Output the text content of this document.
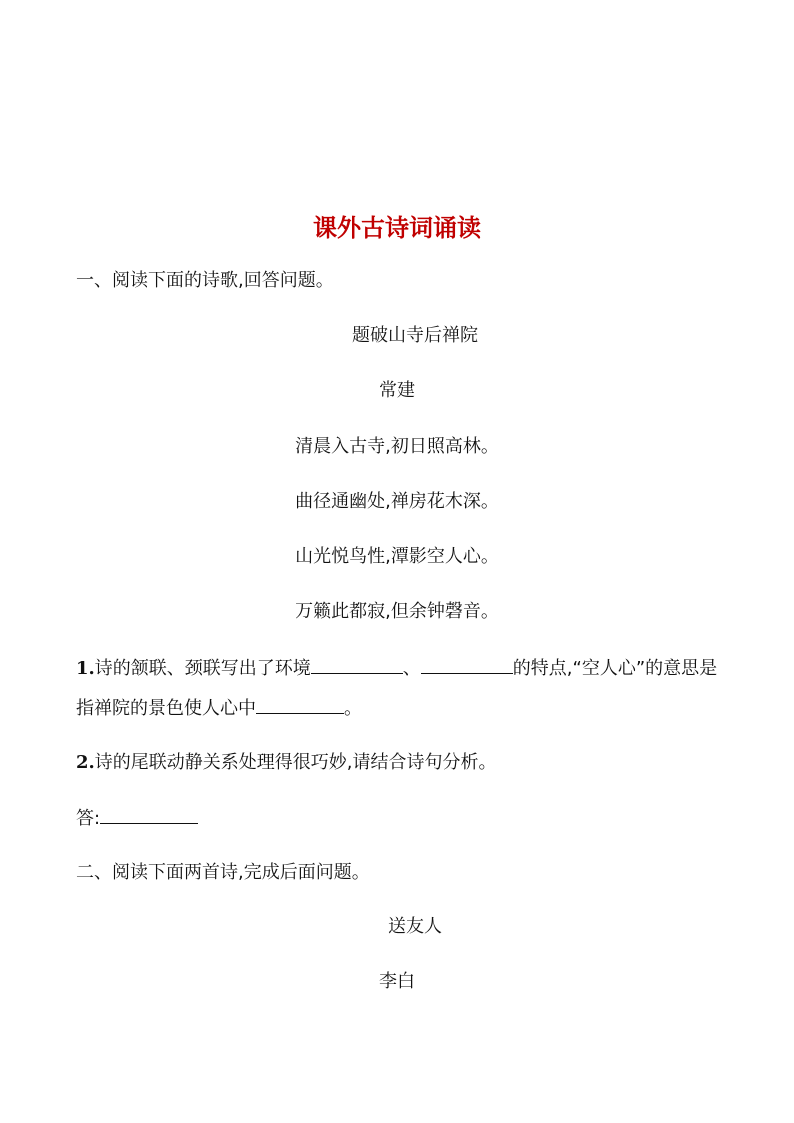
课外古诗词诵读
一、阅读下面的诗歌,回答问题。
题破山寺后禅院
常建
清晨入古寺,初日照高林。
曲径通幽处,禅房花木深。
山光悦鸟性,潭影空人心。
万籁此都寂,但余钟磬音。
1.诗的颔联、颈联写出了环境	、	的特点,“空人心”的意思是
指禅院的景色使人心中	。
2.诗的尾联动静关系处理得很巧妙,请结合诗句分析。
答:
二、阅读下面两首诗,完成后面问题。
送友人
李白
